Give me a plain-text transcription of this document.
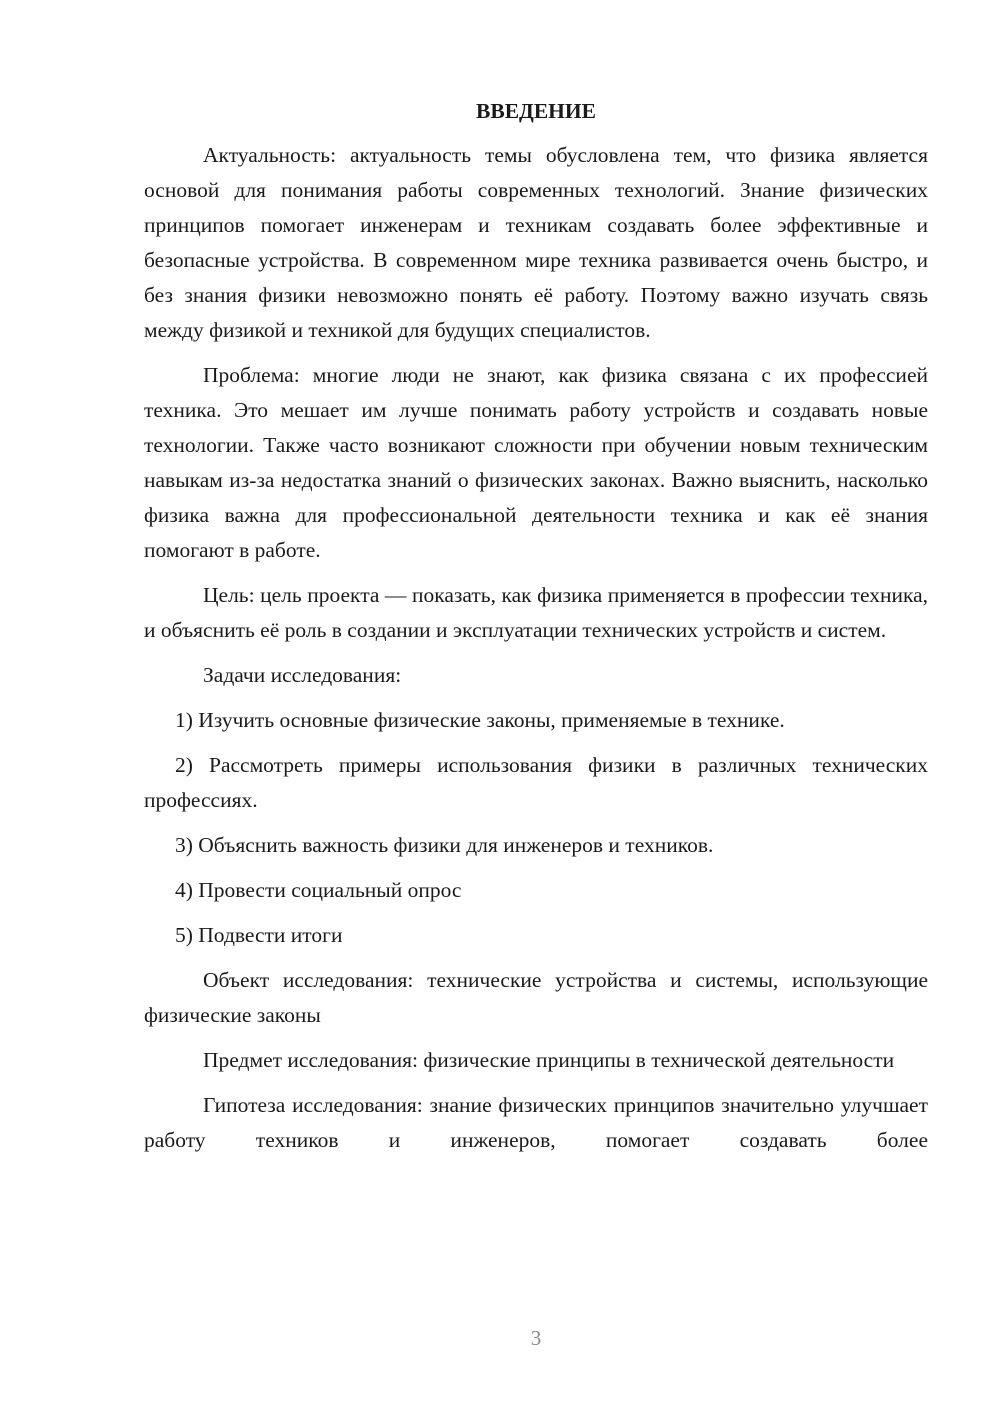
ВВЕДЕНИЕ

Актуальность: актуальность темы обусловлена тем, что физика является основой для понимания работы современных технологий. Знание физических принципов помогает инженерам и техникам создавать более эффективные и безопасные устройства. В современном мире техника развивается очень быстро, и без знания физики невозможно понять её работу. Поэтому важно изучать связь между физикой и техникой для будущих специалистов.

Проблема: многие люди не знают, как физика связана с их профессией техника. Это мешает им лучше понимать работу устройств и создавать новые технологии. Также часто возникают сложности при обучении новым техническим навыкам из-за недостатка знаний о физических законах. Важно выяснить, насколько физика важна для профессиональной деятельности техника и как её знания помогают в работе.

Цель: цель проекта — показать, как физика применяется в профессии техника, и объяснить её роль в создании и эксплуатации технических устройств и систем.

Задачи исследования:

1) Изучить основные физические законы, применяемые в технике.

2) Рассмотреть примеры использования физики в различных технических профессиях.

3) Объяснить важность физики для инженеров и техников.

4) Провести социальный опрос

5) Подвести итоги

Объект исследования: технические устройства и системы, использующие физические законы

Предмет исследования: физические принципы в технической деятельности

Гипотеза исследования: знание физических принципов значительно улучшает работу техников и инженеров, помогает создавать более

3
